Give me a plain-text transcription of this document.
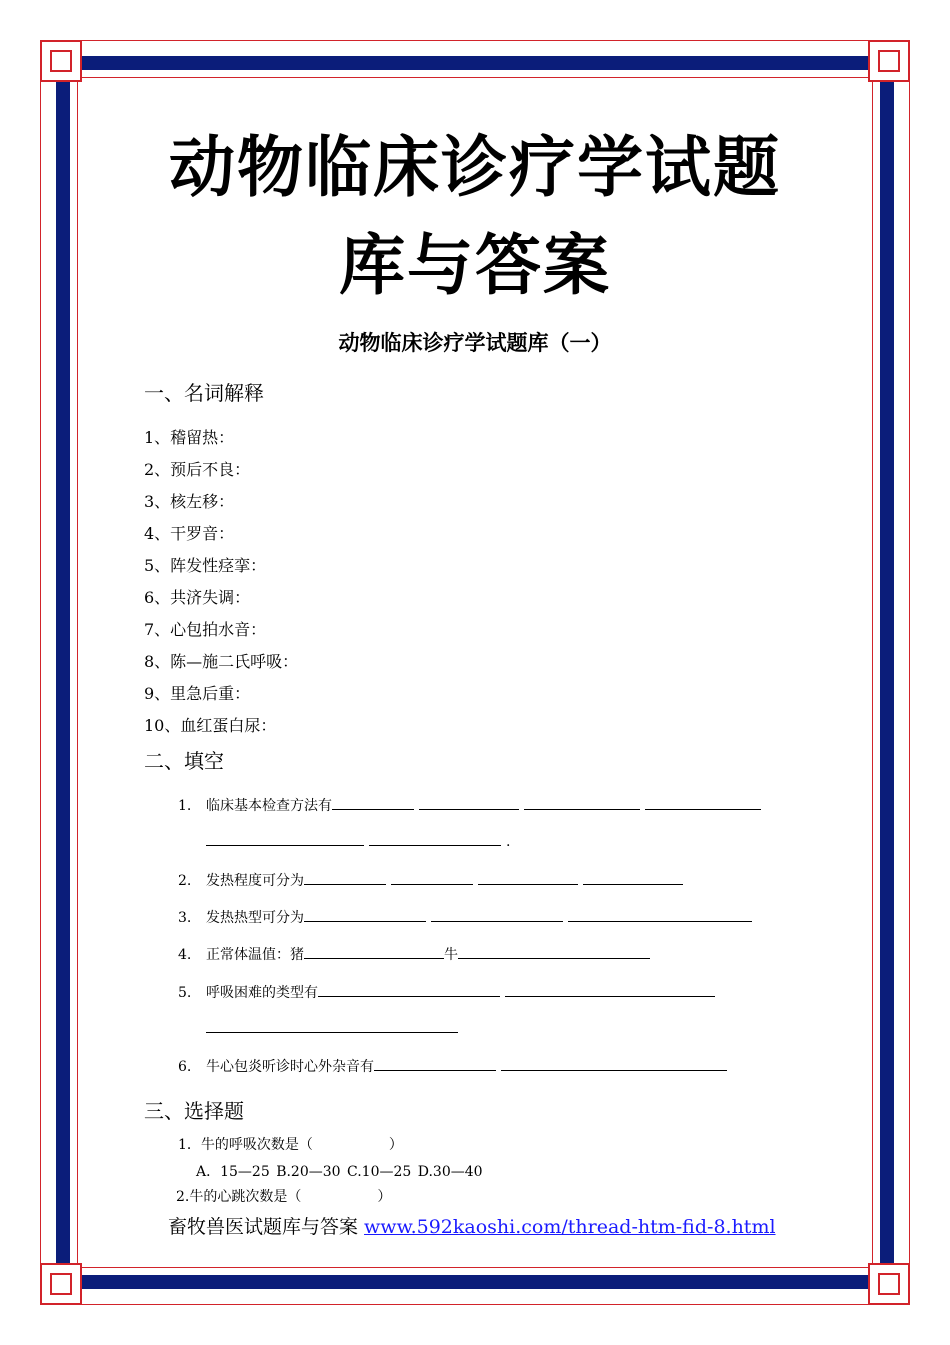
动物临床诊疗学试题
库与答案
动物临床诊疗学试题库（一）
一、名词解释
1、稽留热：
2、预后不良：
3、核左移：
4、干罗音：
5、阵发性痉挛：
6、共济失调：
7、心包拍水音：
8、陈—施二氏呼吸：
9、里急后重：
10、血红蛋白尿：
二、填空
1. 临床基本检查方法有
.
2. 发热程度可分为
3. 发热热型可分为
4. 正常体温值：猪	牛
5. 呼吸困难的类型有
6. 牛心包炎听诊时心外杂音有
三、选择题
1．牛的呼吸次数是（	）
A．15—25 B.20—30 C.10—25 D.30—40
2.牛的心跳次数是（	）
畜牧兽医试题库与答案 www.592kaoshi.com/thread-htm-fid-8.html
